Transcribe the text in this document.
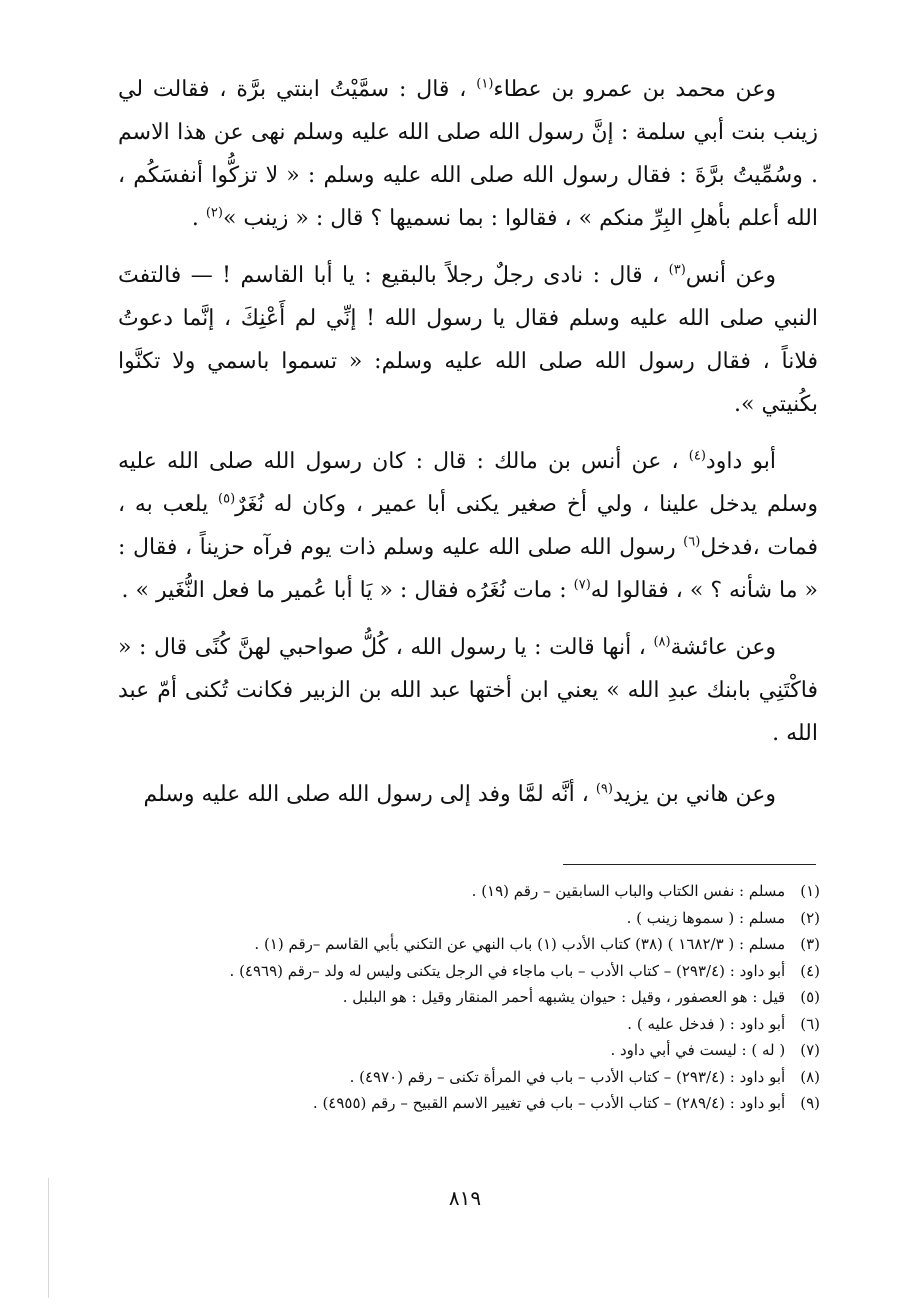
وعن محمد بن عمرو بن عطاء$^{(١)}$ ، قال : سمَّيْتُ ابنتي برَّة ، فقالت لي زينب بنت أبي سلمة : إنَّ رسول الله صلى الله عليه وسلم نهى عن هذا الاسم . وسُمِّيتُ برَّةَ : فقال رسول الله صلى الله عليه وسلم : « لا تزكُّوا أنفسَكُم ، الله أعلم بأهلِ البِرِّ منكم » ، فقالوا : بما نسميها ؟ قال : « زينب »$^{(٢)}$ .

وعن أنس$^{(٣)}$ ، قال : نادى رجلٌ رجلاً بالبقيع : يا أبا القاسم ! — فالتفتَ النبي صلى الله عليه وسلم فقال يا رسول الله ! إنِّي لم أَعْنِكَ ، إنَّما دعوتُ فلاناً ، فقال رسول الله صلى الله عليه وسلم: « تسموا باسمي ولا تكنَّوا بكُنيتي ».

أبو داود$^{(٤)}$ ، عن أنس بن مالك : قال : كان رسول الله صلى الله عليه وسلم يدخل علينا ، ولي أخ صغير يكنى أبا عمير ، وكان له نُغَرٌ$^{(٥)}$ يلعب به ، فمات ،فدخل$^{(٦)}$ رسول الله صلى الله عليه وسلم ذات يوم فرآه حزيناً ، فقال : « ما شأنه ؟ » ، فقالوا له$^{(٧)}$ : مات نُغَرُه فقال : « يَا أبا عُمير ما فعل النُّغَير » .

وعن عائشة$^{(٨)}$ ، أنها قالت : يا رسول الله ، كُلُّ صواحبي لهنَّ كُنًى قال : « فاكْتَنِي بابنك عبدِ الله » يعني ابن أختها عبد الله بن الزبير فكانت تُكنى أمّ عبد الله .

وعن هاني بن يزيد$^{(٩)}$ ، أنَّه لمَّا وفد إلى رسول الله صلى الله عليه وسلم

(١) مسلم : نفس الكتاب والباب السابقين – رقم (١٩) .
(٢) مسلم : ( سموها زينب ) .
(٣) مسلم : ( ١٦٨٢/٣ ) (٣٨) كتاب الأدب (١) باب النهي عن التكني بأبي القاسم –رقم (١) .
(٤) أبو داود : (٢٩٣/٤) – كتاب الأدب – باب ماجاء في الرجل يتكنى وليس له ولد –رقم (٤٩٦٩) .
(٥) قيل : هو العصفور ، وقيل : حيوان يشبهه أحمر المنقار وقيل : هو البلبل .
(٦) أبو داود : ( فدخل عليه ) .
(٧) ( له ) : ليست في أبي داود .
(٨) أبو داود : (٢٩٣/٤) – كتاب الأدب – باب في المرأة تكنى – رقم (٤٩٧٠) .
(٩) أبو داود : (٢٨٩/٤) – كتاب الأدب – باب في تغيير الاسم القبيح – رقم (٤٩٥٥) .
٨١٩
